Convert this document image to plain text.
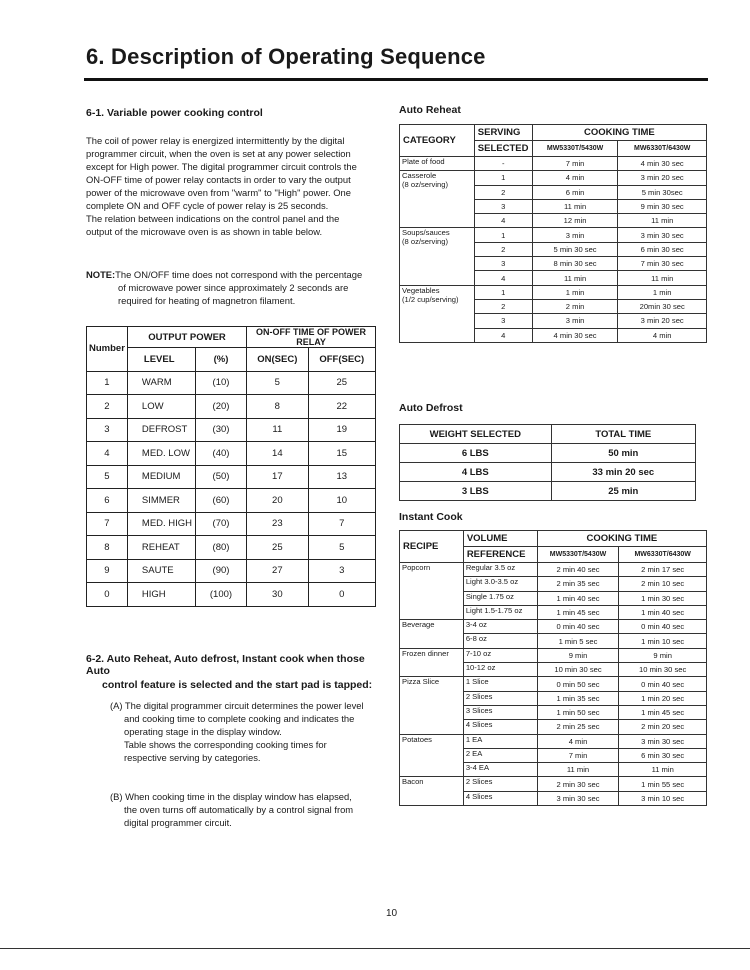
6. Description of Operating Sequence
6-1. Variable power cooking control

The coil of power relay is energized intermittently by the digital

programmer circuit, when the oven is set at any power selection

except for High power. The digital programmer circuit controls the

ON-OFF time of power relay contacts in order to vary the output

power of the microwave oven from "warm" to "High" power. One

complete ON and OFF cycle of power relay is 25 seconds.

The relation between indications on the control panel and the

output of the microwave oven is as shown in table below.

NOTE:The ON/OFF time does not correspond with the percentage

of microwave power since approximately 2 seconds are

required for heating of magnetron filament.

Number	OUTPUT POWER		ON-OFF TIME OF POWER RELAY	
	LEVEL	(%)	ON(SEC)	OFF(SEC)
1	WARM	(10)	5	25
2	LOW	(20)	8	22
3	DEFROST	(30)	11	19
4	MED. LOW	(40)	14	15
5	MEDIUM	(50)	17	13
6	SIMMER	(60)	20	10
7	MED. HIGH	(70)	23	7
8	REHEAT	(80)	25	5
9	SAUTE	(90)	27	3
0	HIGH	(100)	30	0

6-2. Auto Reheat, Auto defrost, Instant cook when those Auto

control feature is selected and the start pad is tapped:

(A) The digital programmer circuit determines the power level

and cooking time to complete cooking and indicates the

operating stage in the display window.

Table shows the corresponding cooking times for

respective serving by categories.

(B) When cooking time in the display window has elapsed,

the oven turns off automatically by a control signal from

digital programmer circuit.

Auto Reheat
CATEGORY	SERVING	COOKING TIME	
	SELECTED	MW5330T/5430W	MW6330T/6430W

Plate of food	-	7 min	4 min 30 sec

Casserole
(8 oz/serving)	1	4 min	3 min 20 sec
	2	6 min	5 min 30sec
	3	11 min	9 min 30 sec
	4	12 min	11 min

Soups/sauces
(8 oz/serving)	1	3 min	3 min 30 sec
	2	5 min 30 sec	6 min 30 sec
	3	8 min 30 sec	7 min 30 sec
	4	11 min	11 min

Vegetables
(1/2 cup/serving)	1	1 min	1 min
	2	2 min	20min 30 sec
	3	3 min	3 min 20 sec
	4	4 min 30 sec	4 min
Auto Defrost
WEIGHT SELECTED	TOTAL TIME
6 LBS	50 min
4 LBS	33 min 20 sec
3 LBS	25 min
Instant Cook
RECIPE	VOLUME	COOKING TIME	
	REFERENCE	MW5330T/5430W	MW6330T/6430W
Popcorn	Regular 3.5 oz	2 min 40 sec	2 min 17 sec
	Light 3.0-3.5 oz	2 min 35 sec	2 min 10 sec
	Single 1.75 oz	1 min 40 sec	1 min 30 sec
	Light 1.5-1.75 oz	1 min 45 sec	1 min 40 sec
Beverage	3-4 oz	0 min 40 sec	0 min 40 sec
	6-8 oz	1 min 5 sec	1 min 10 sec
Frozen dinner	7-10 oz	9 min	9 min
	10-12 oz	10 min 30 sec	10 min 30 sec
Pizza Slice	1 Slice	0 min 50 sec	0 min 40 sec
	2 Slices	1 min 35 sec	1 min 20 sec
	3 Slices	1 min 50 sec	1 min 45 sec
	4 Slices	2 min 25 sec	2 min 20 sec
Potatoes	1 EA	4 min	3 min 30 sec
	2 EA	7 min	6 min 30 sec
	3-4 EA	11 min	11 min
Bacon	2 Slices	2 min 30 sec	1 min 55 sec
	4 Slices	3 min 30 sec	3 min 10 sec
10
